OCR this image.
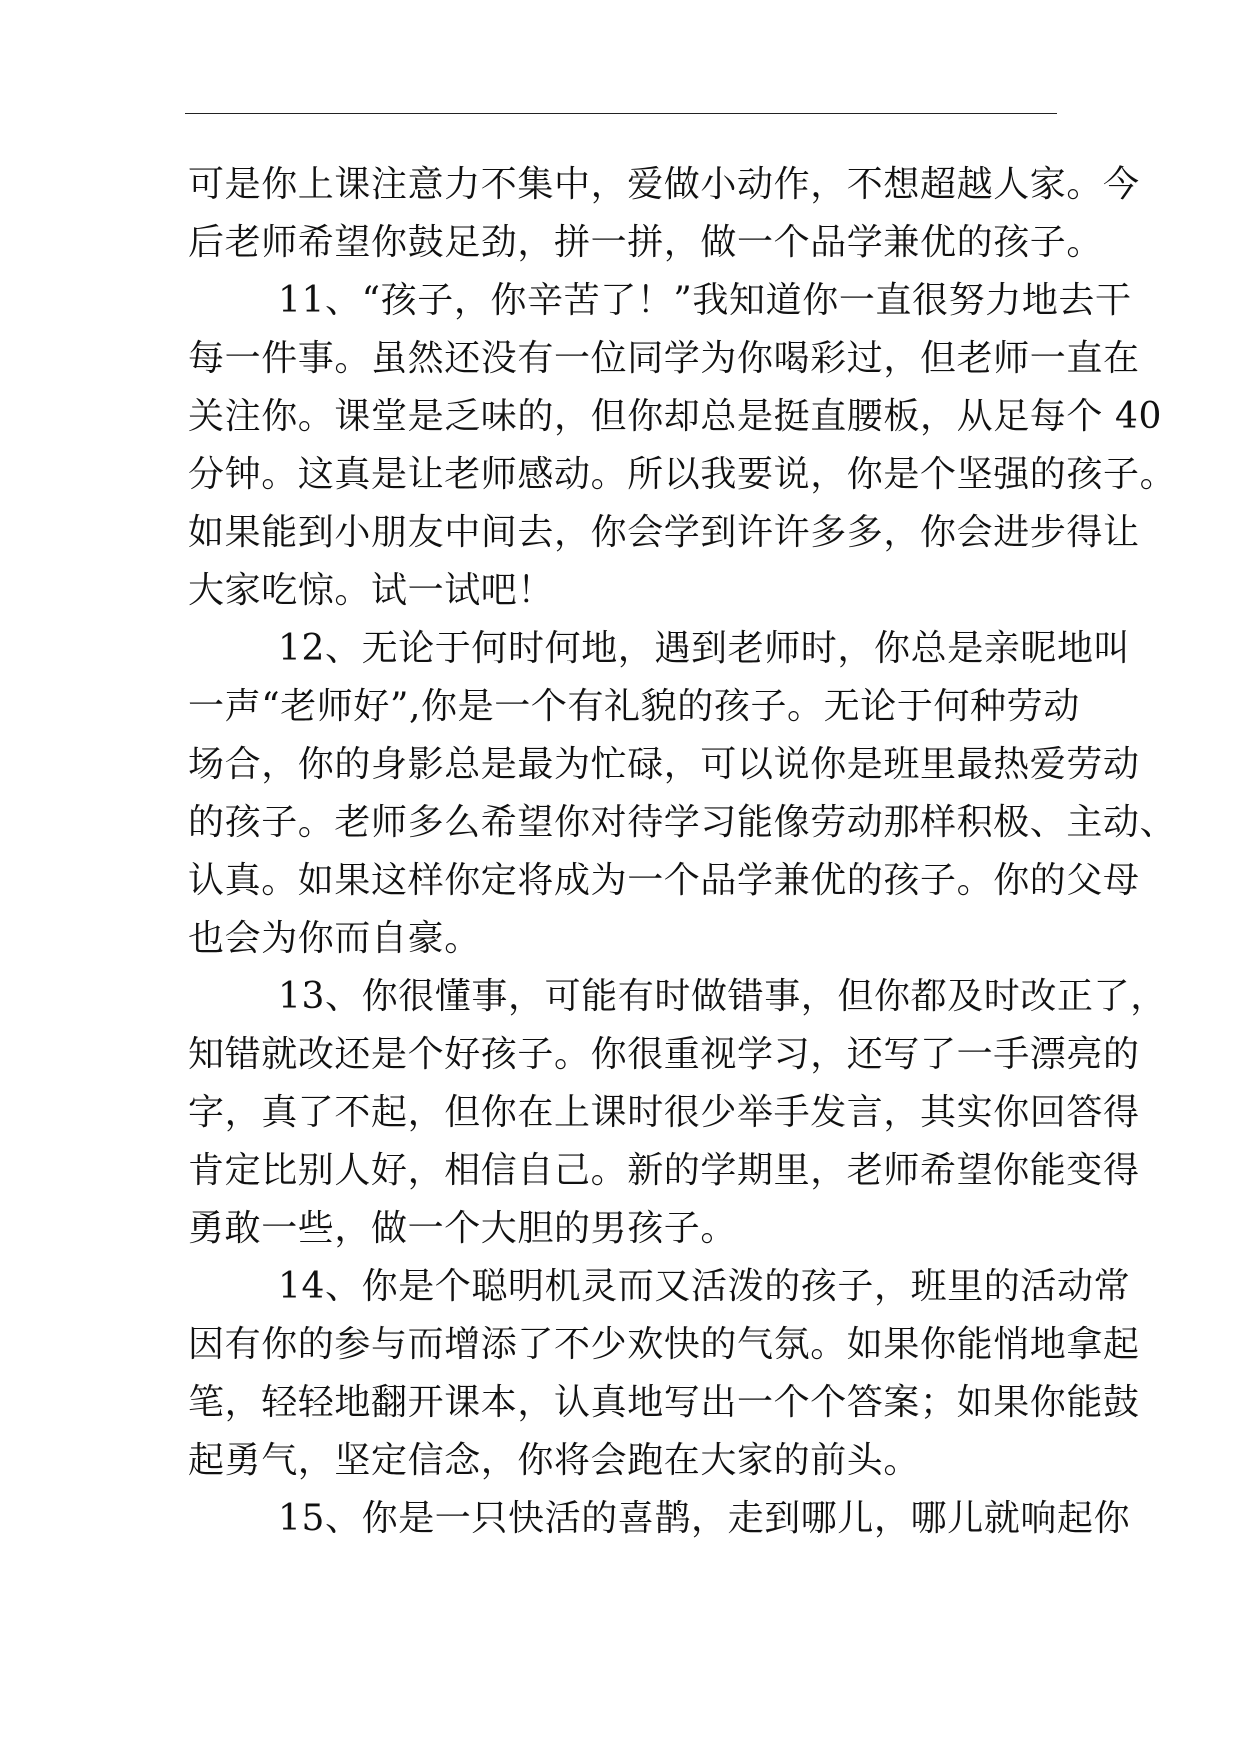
可是你上课注意力不集中，爱做小动作，不想超越人家。今
后老师希望你鼓足劲，拼一拼，做一个品学兼优的孩子。
11、“孩子，你辛苦了！”我知道你一直很努力地去干
每一件事。虽然还没有一位同学为你喝彩过，但老师一直在
关注你。课堂是乏味的，但你却总是挺直腰板，从足每个 40
分钟。这真是让老师感动。所以我要说，你是个坚强的孩子。
如果能到小朋友中间去，你会学到许许多多，你会进步得让
大家吃惊。试一试吧！
12、无论于何时何地，遇到老师时，你总是亲昵地叫
一声“老师好”,你是一个有礼貌的孩子。无论于何种劳动
场合，你的身影总是最为忙碌，可以说你是班里最热爱劳动
的孩子。老师多么希望你对待学习能像劳动那样积极、主动、
认真。如果这样你定将成为一个品学兼优的孩子。你的父母
也会为你而自豪。
13、你很懂事，可能有时做错事，但你都及时改正了，
知错就改还是个好孩子。你很重视学习，还写了一手漂亮的
字，真了不起，但你在上课时很少举手发言，其实你回答得
肯定比别人好，相信自己。新的学期里，老师希望你能变得
勇敢一些，做一个大胆的男孩子。
14、你是个聪明机灵而又活泼的孩子，班里的活动常
因有你的参与而增添了不少欢快的气氛。如果你能悄地拿起
笔，轻轻地翻开课本，认真地写出一个个答案；如果你能鼓
起勇气，坚定信念，你将会跑在大家的前头。
15、你是一只快活的喜鹊，走到哪儿，哪儿就响起你
